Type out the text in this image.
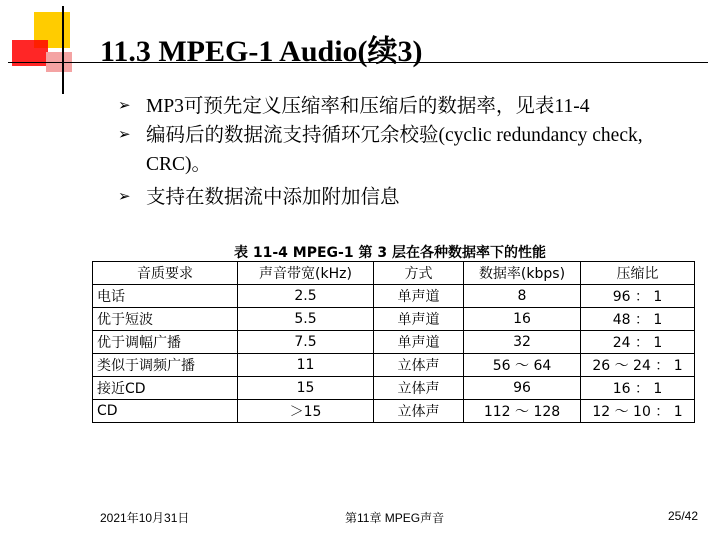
11.3 MPEG-1 Audio(续3)
➢ MP3可预先定义压缩率和压缩后的数据率，见表11-4
➢ 编码后的数据流支持循环冗余校验(cyclic redundancy check, CRC)。
➢ 支持在数据流中添加附加信息
表 11-4 MPEG-1 第 3 层在各种数据率下的性能
音质要求	声音带宽(kHz)	方式	数据率(kbps)	压缩比
电话	2.5	单声道	8	96 ： 1
优于短波	5.5	单声道	16	48 ： 1
优于调幅广播	7.5	单声道	32	24 ： 1
类似于调频广播	11	立体声	56 ～ 64	26 ～ 24 ： 1
接近CD	15	立体声	96	16 ： 1
CD	＞15	立体声	112 ～ 128	12 ～ 10 ： 1
2021年10月31日	第11章 MPEG声音	25/42
